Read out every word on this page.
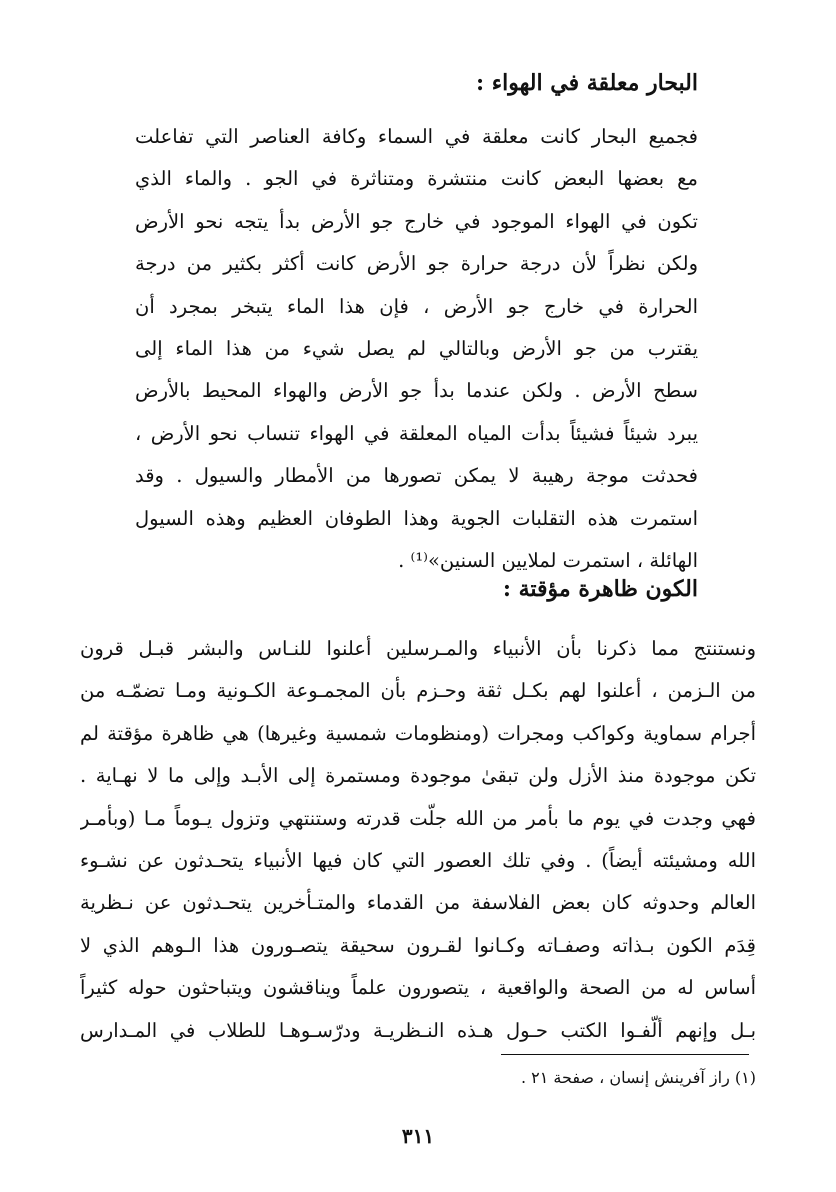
البحار معلقة في الهواء :
فجميع البحار كانت معلقة في السماء وكافة العناصر التي تفاعلت
مع بعضها البعض كانت منتشرة ومتناثرة في الجو . والماء الذي
تكون في الهواء الموجود في خارج جو الأرض بدأ يتجه نحو الأرض
ولكن نظراً لأن درجة حرارة جو الأرض كانت أكثر بكثير من درجة
الحرارة في خارج جو الأرض ، فإن هذا الماء يتبخر بمجرد أن
يقترب من جو الأرض وبالتالي لم يصل شيء من هذا الماء إلى
سطح الأرض . ولكن عندما بدأ جو الأرض والهواء المحيط بالأرض
يبرد شيئاً فشيئاً بدأت المياه المعلقة في الهواء تنساب نحو الأرض ،
فحدثت موجة رهيبة لا يمكن تصورها من الأمطار والسيول . وقد
استمرت هذه التقلبات الجوية وهذا الطوفان العظيم وهذه السيول
الهائلة ، استمرت لملايين السنين»⁽¹⁾ .
الكون ظاهرة مؤقتة :
ونستنتج مما ذكرنا بأن الأنبياء والمـرسلين أعلنوا للنـاس والبشر قبـل قرون
من الـزمن ، أعلنوا لهم بكـل ثقة وحـزم بأن المجمـوعة الكـونية ومـا تضمّـه من
أجرام سماوية وكواكب ومجرات (ومنظومات شمسية وغيرها) هي ظاهرة مؤقتة لم
تكن موجودة منذ الأزل ولن تبقىٰ موجودة ومستمرة إلى الأبـد وإلى ما لا نهـاية .
فهي وجدت في يوم ما بأمر من الله جلّت قدرته وستنتهي وتزول يـوماً مـا (وبأمـر
الله ومشيئته أيضاً) . وفي تلك العصور التي كان فيها الأنبياء يتحـدثون عن نشـوء
العالم وحدوثه كان بعض الفلاسفة من القدماء والمتـأخرين يتحـدثون عن نـظرية
قِدَم الكون بـذاته وصفـاته وكـانوا لقـرون سحيقة يتصـورون هذا الـوهم الذي لا
أساس له من الصحة والواقعية ، يتصورون علماً ويناقشون ويتباحثون حوله كثيراً
بـل وإنهم ألّفـوا الكتب حـول هـذه النـظريـة ودرّسـوهـا للطلاب في المـدارس

(١) راز آفرينش إنسان ، صفحة ٢١ .

٣١١
